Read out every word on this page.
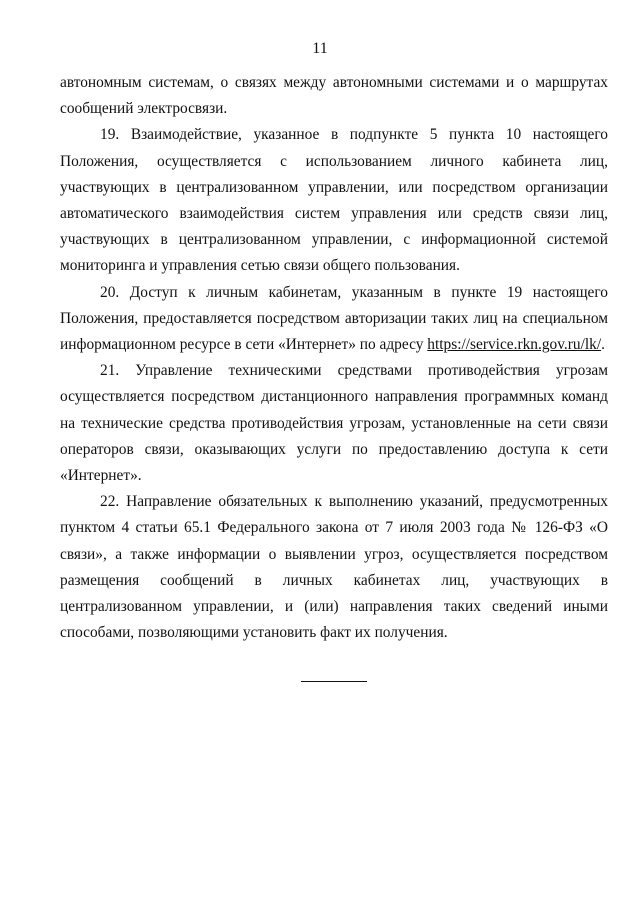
11

автономным системам, о связях между автономными системами и о маршрутах сообщений электросвязи.

19. Взаимодействие, указанное в подпункте 5 пункта 10 настоящего Положения, осуществляется с использованием личного кабинета лиц, участвующих в централизованном управлении, или посредством организации автоматического взаимодействия систем управления или средств связи лиц, участвующих в централизованном управлении, с информационной системой мониторинга и управления сетью связи общего пользования.

20. Доступ к личным кабинетам, указанным в пункте 19 настоящего Положения, предоставляется посредством авторизации таких лиц на специальном информационном ресурсе в сети «Интернет» по адресу https://service.rkn.gov.ru/lk/.

21. Управление техническими средствами противодействия угрозам осуществляется посредством дистанционного направления программных команд на технические средства противодействия угрозам, установленные на сети связи операторов связи, оказывающих услуги по предоставлению доступа к сети «Интернет».

22. Направление обязательных к выполнению указаний, предусмотренных пунктом 4 статьи 65.1 Федерального закона от 7 июля 2003 года № 126-ФЗ «О связи», а также информации о выявлении угроз, осуществляется посредством размещения сообщений в личных кабинетах лиц, участвующих в централизованном управлении, и (или) направления таких сведений иными способами, позволяющими установить факт их получения.
